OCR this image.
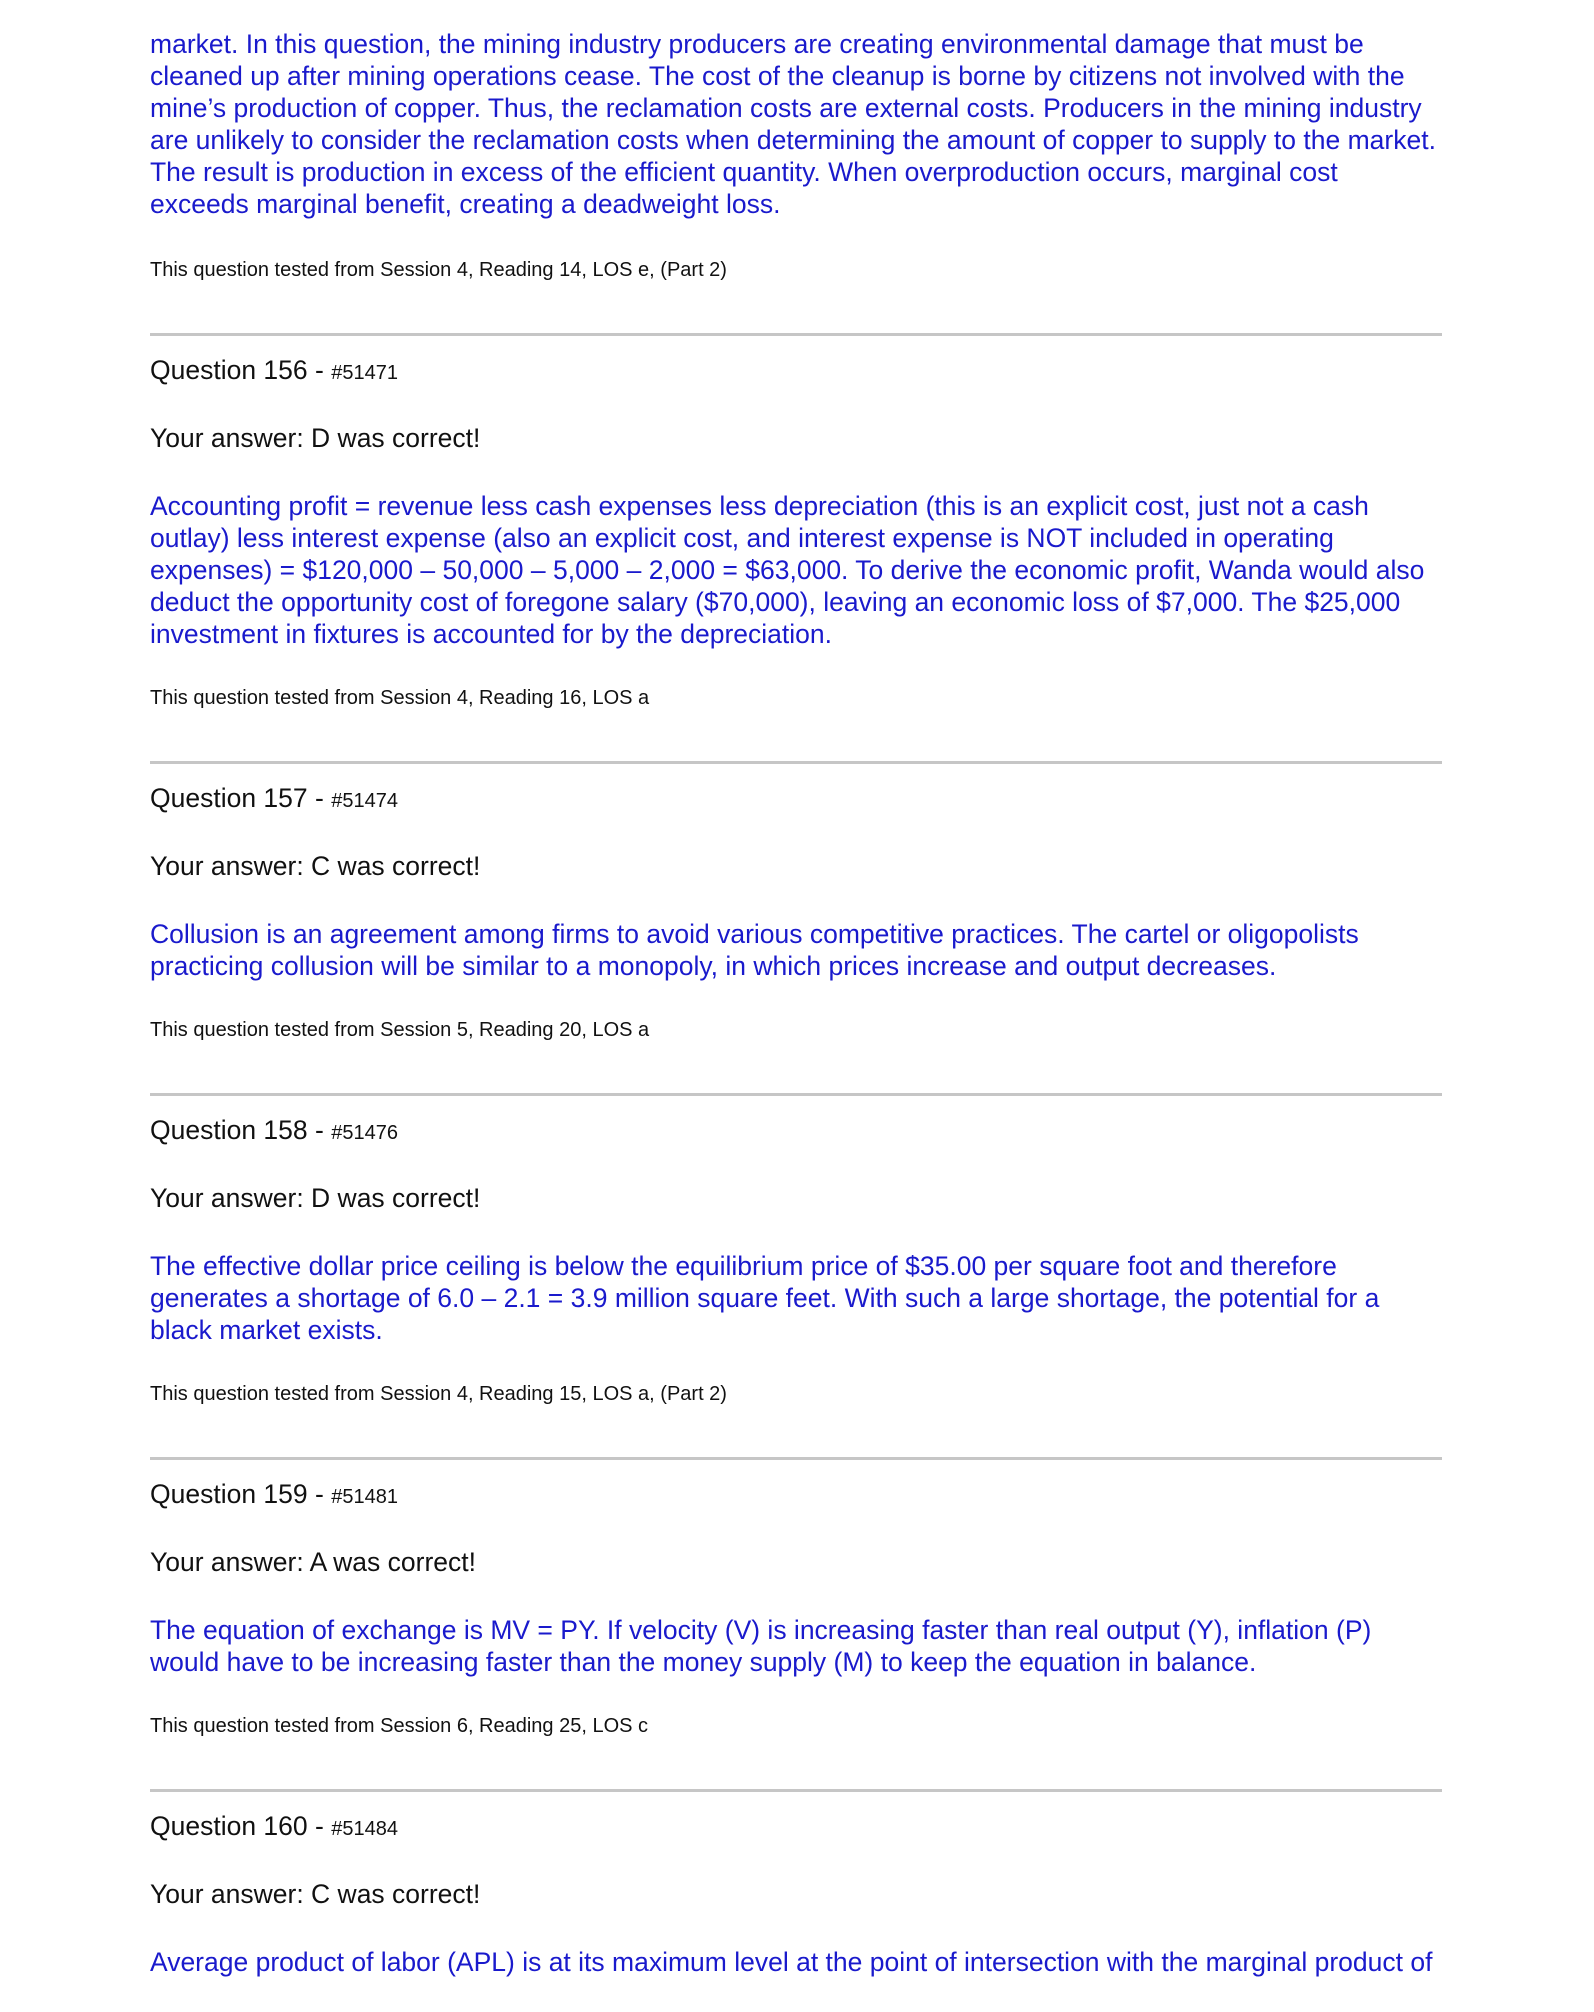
market. In this question, the mining industry producers are creating environmental damage that must be cleaned up after mining operations cease. The cost of the cleanup is borne by citizens not involved with the mine’s production of copper. Thus, the reclamation costs are external costs. Producers in the mining industry are unlikely to consider the reclamation costs when determining the amount of copper to supply to the market. The result is production in excess of the efficient quantity. When overproduction occurs, marginal cost exceeds marginal benefit, creating a deadweight loss.

This question tested from Session 4, Reading 14, LOS e, (Part 2)

Question 156 - #51471

Your answer: D was correct!

Accounting profit = revenue less cash expenses less depreciation (this is an explicit cost, just not a cash outlay) less interest expense (also an explicit cost, and interest expense is NOT included in operating expenses) = $120,000 – 50,000 – 5,000 – 2,000 = $63,000. To derive the economic profit, Wanda would also deduct the opportunity cost of foregone salary ($70,000), leaving an economic loss of $7,000. The $25,000 investment in fixtures is accounted for by the depreciation.

This question tested from Session 4, Reading 16, LOS a

Question 157 - #51474

Your answer: C was correct!

Collusion is an agreement among firms to avoid various competitive practices. The cartel or oligopolists practicing collusion will be similar to a monopoly, in which prices increase and output decreases.

This question tested from Session 5, Reading 20, LOS a

Question 158 - #51476

Your answer: D was correct!

The effective dollar price ceiling is below the equilibrium price of $35.00 per square foot and therefore generates a shortage of 6.0 – 2.1 = 3.9 million square feet. With such a large shortage, the potential for a black market exists.

This question tested from Session 4, Reading 15, LOS a, (Part 2)

Question 159 - #51481

Your answer: A was correct!

The equation of exchange is MV = PY. If velocity (V) is increasing faster than real output (Y), inflation (P) would have to be increasing faster than the money supply (M) to keep the equation in balance.

This question tested from Session 6, Reading 25, LOS c

Question 160 - #51484

Your answer: C was correct!

Average product of labor (APL) is at its maximum level at the point of intersection with the marginal product of
